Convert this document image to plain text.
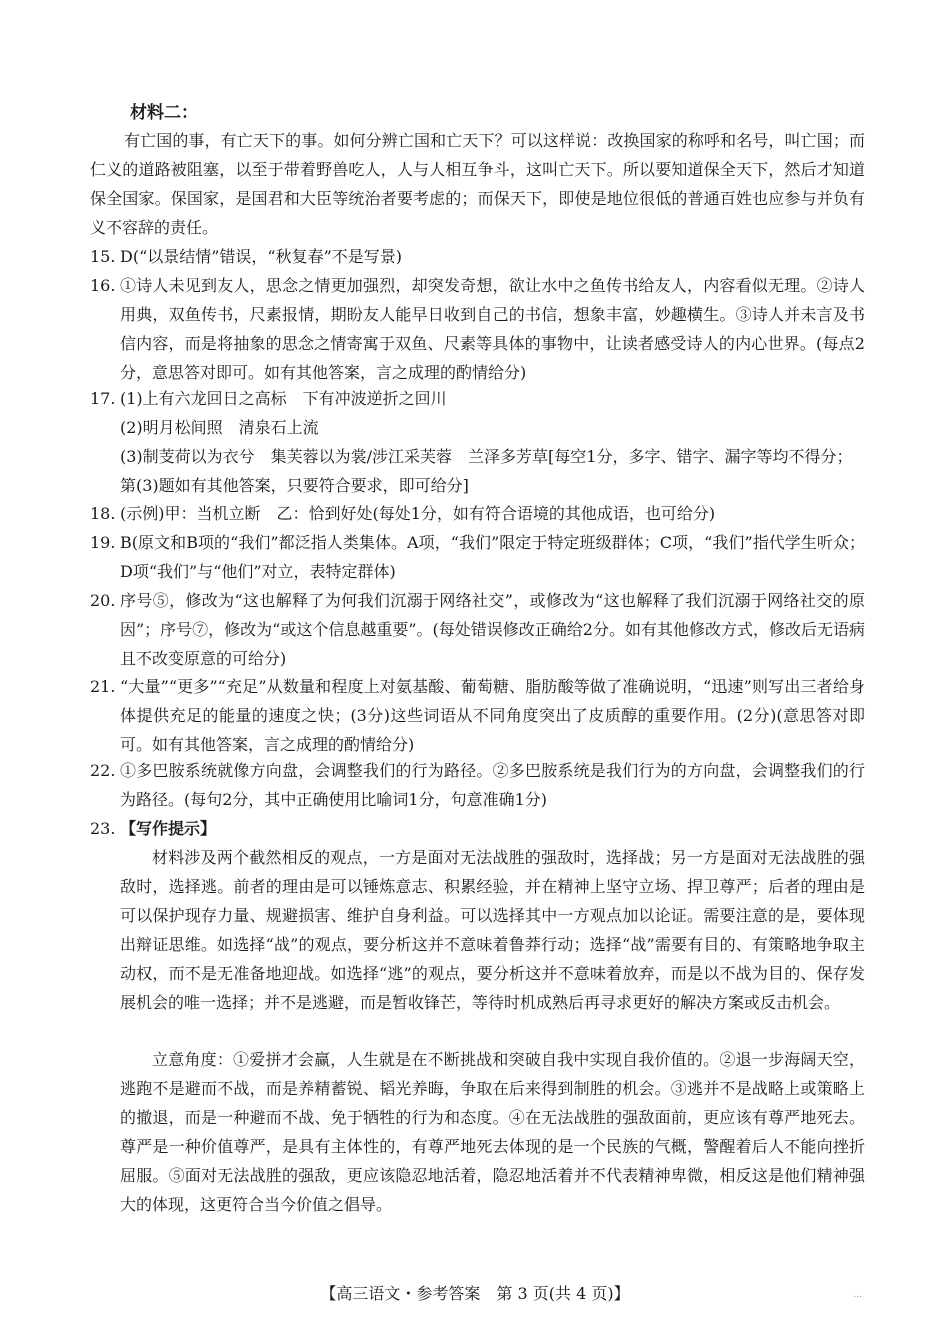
材料二：
有亡国的事，有亡天下的事。如何分辨亡国和亡天下？可以这样说：改换国家的称呼和名号，叫亡国；而仁义的道路被阻塞，以至于带着野兽吃人，人与人相互争斗，这叫亡天下。所以要知道保全天下，然后才知道保全国家。保国家，是国君和大臣等统治者要考虑的；而保天下，即使是地位很低的普通百姓也应参与并负有义不容辞的责任。
15. D(“以景结情”错误，“秋复春”不是写景)
16. ①诗人未见到友人，思念之情更加强烈，却突发奇想，欲让水中之鱼传书给友人，内容看似无理。②诗人用典，双鱼传书，尺素报情，期盼友人能早日收到自己的书信，想象丰富，妙趣横生。③诗人并未言及书信内容，而是将抽象的思念之情寄寓于双鱼、尺素等具体的事物中，让读者感受诗人的内心世界。(每点2分，意思答对即可。如有其他答案，言之成理的酌情给分)
17. (1)上有六龙回日之高标　下有冲波逆折之回川
(2)明月松间照　清泉石上流
(3)制芰荷以为衣兮　集芙蓉以为裳/涉江采芙蓉　兰泽多芳草[每空1分，多字、错字、漏字等均不得分；第(3)题如有其他答案，只要符合要求，即可给分]
18. (示例)甲：当机立断　乙：恰到好处(每处1分，如有符合语境的其他成语，也可给分)
19. B(原文和B项的“我们”都泛指人类集体。A项，“我们”限定于特定班级群体；C项，“我们”指代学生听众；D项“我们”与“他们”对立，表特定群体)
20. 序号⑤，修改为“这也解释了为何我们沉溺于网络社交”，或修改为“这也解释了我们沉溺于网络社交的原因”；序号⑦，修改为“或这个信息越重要”。(每处错误修改正确给2分。如有其他修改方式，修改后无语病且不改变原意的可给分)
21. “大量”“更多”“充足”从数量和程度上对氨基酸、葡萄糖、脂肪酸等做了准确说明，“迅速”则写出三者给身体提供充足的能量的速度之快；(3分)这些词语从不同角度突出了皮质醇的重要作用。(2分)(意思答对即可。如有其他答案，言之成理的酌情给分)
22. ①多巴胺系统就像方向盘，会调整我们的行为路径。②多巴胺系统是我们行为的方向盘，会调整我们的行为路径。(每句2分，其中正确使用比喻词1分，句意准确1分)
23. 【写作提示】
材料涉及两个截然相反的观点，一方是面对无法战胜的强敌时，选择战；另一方是面对无法战胜的强敌时，选择逃。前者的理由是可以锤炼意志、积累经验，并在精神上坚守立场、捍卫尊严；后者的理由是可以保护现存力量、规避损害、维护自身利益。可以选择其中一方观点加以论证。需要注意的是，要体现出辩证思维。如选择“战”的观点，要分析这并不意味着鲁莽行动；选择“战”需要有目的、有策略地争取主动权，而不是无准备地迎战。如选择“逃”的观点，要分析这并不意味着放弃，而是以不战为目的、保存发展机会的唯一选择；并不是逃避，而是暂收锋芒，等待时机成熟后再寻求更好的解决方案或反击机会。
立意角度：①爱拼才会赢，人生就是在不断挑战和突破自我中实现自我价值的。②退一步海阔天空，逃跑不是避而不战，而是养精蓄锐、韬光养晦，争取在后来得到制胜的机会。③逃并不是战略上或策略上的撤退，而是一种避而不战、免于牺牲的行为和态度。④在无法战胜的强敌面前，更应该有尊严地死去。尊严是一种价值尊严，是具有主体性的，有尊严地死去体现的是一个民族的气概，警醒着后人不能向挫折屈服。⑤面对无法战胜的强敌，更应该隐忍地活着，隐忍地活着并不代表精神卑微，相反这是他们精神强大的体现，这更符合当今价值之倡导。
【高三语文・参考答案　第 3 页(共 4 页)】	...
